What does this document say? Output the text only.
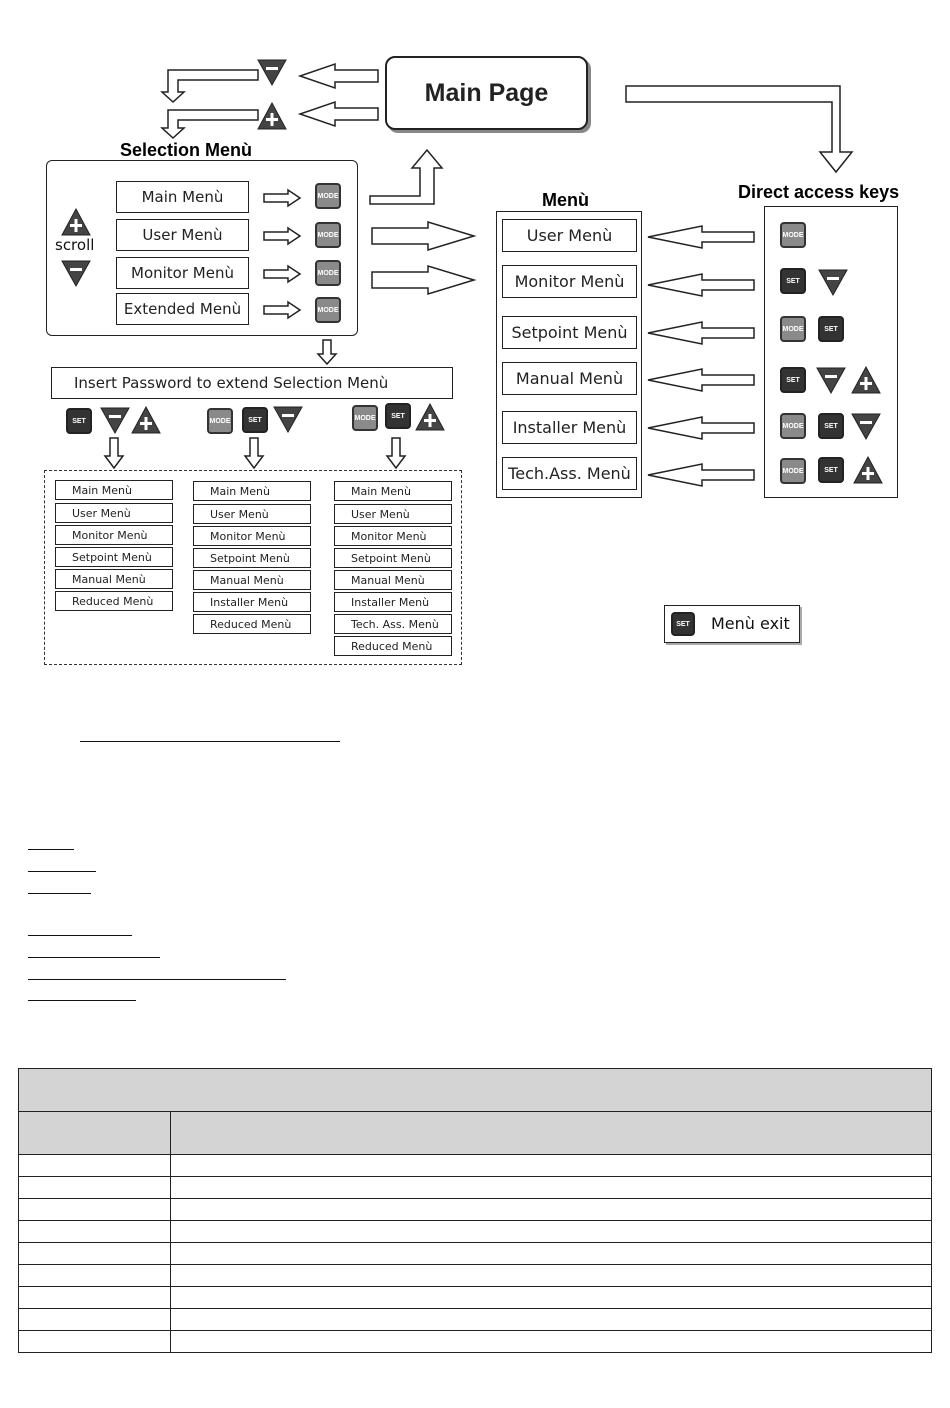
Main Page
Selection Menù
scroll
Main Menù
User Menù
Monitor Menù
Extended Menù
MODE
MODE
MODE
MODE
Menù
User Menù
Monitor Menù
Setpoint Menù
Manual Menù
Installer Menù
Tech.Ass. Menù
Direct access keys
MODE
SET
MODE	SET
SET
MODE	SET
MODE	SET
Insert Password to extend Selection Menù
SET	MODE	SET	MODE	SET
Main Menù
User Menù
Monitor Menù
Setpoint Menù
Manual Menù
Reduced Menù
Main Menù
User Menù
Monitor Menù
Setpoint Menù
Manual Menù
Installer Menù
Reduced Menù
Main Menù
User Menù
Monitor Menù
Setpoint Menù
Manual Menù
Installer Menù
Tech. Ass. Menù
Reduced Menù
SET	Menù exit
